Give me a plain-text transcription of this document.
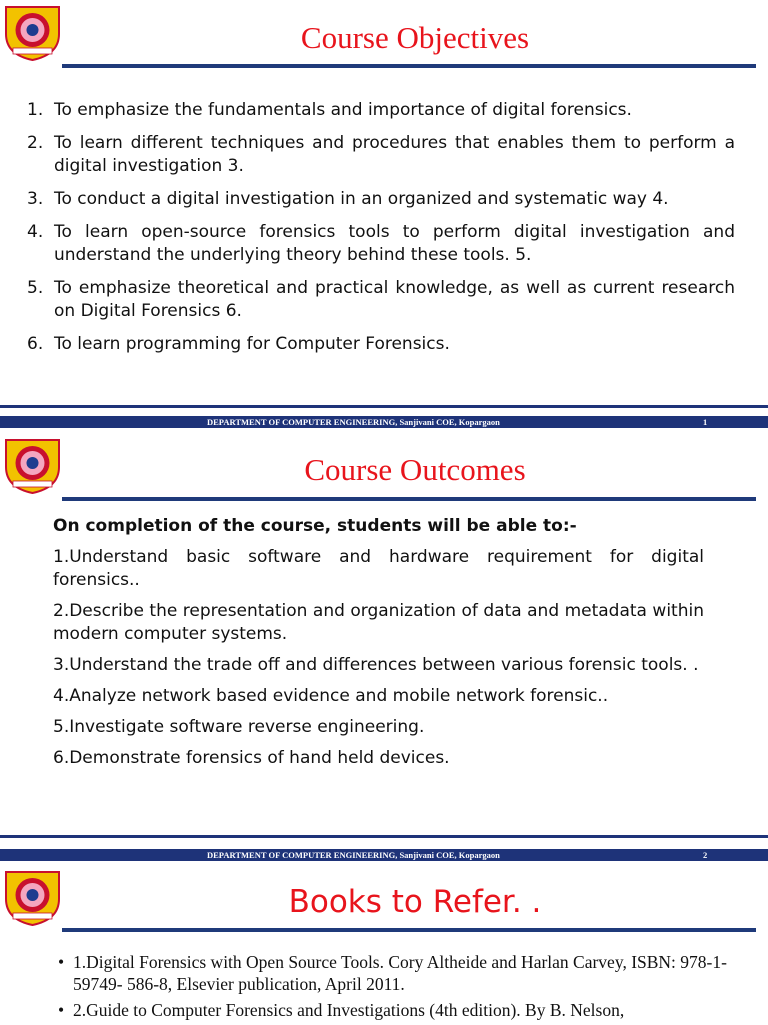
Course Objectives
1. To emphasize the fundamentals and importance of digital forensics.
2. To learn different techniques and procedures that enables them to perform a digital investigation 3.
3. To conduct a digital investigation in an organized and systematic way 4.
4. To learn open-source forensics tools to perform digital investigation and understand the underlying theory behind these tools. 5.
5. To emphasize theoretical and practical knowledge, as well as current research on Digital Forensics 6.
6. To learn programming for Computer Forensics.
DEPARTMENT OF COMPUTER ENGINEERING, Sanjivani COE, Kopargaon	1
Course Outcomes
On completion of the course, students will be able to:-
1.Understand basic software and hardware requirement for digital forensics..
2.Describe the representation and organization of data and metadata within modern computer systems.
3.Understand the trade off and differences between various forensic tools. .
4.Analyze network based evidence and mobile network forensic..
5.Investigate software reverse engineering.
6.Demonstrate forensics of hand held devices.
DEPARTMENT OF COMPUTER ENGINEERING, Sanjivani COE, Kopargaon	2
Books to Refer. .
• 1.Digital Forensics with Open Source Tools. Cory Altheide and Harlan Carvey, ISBN: 978-1-59749- 586-8, Elsevier publication, April 2011.
• 2.Guide to Computer Forensics and Investigations (4th edition). By B. Nelson,
